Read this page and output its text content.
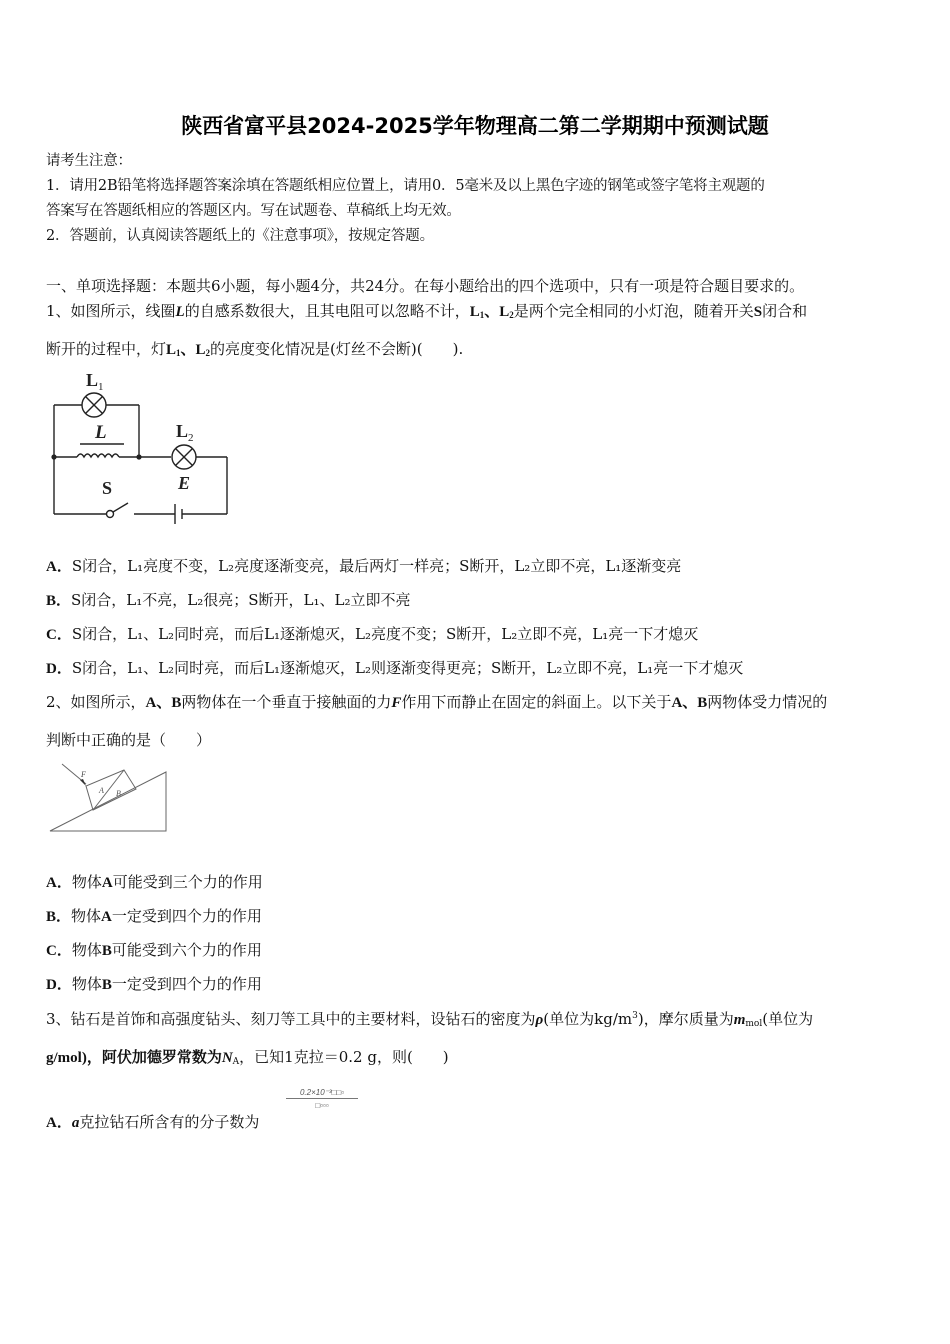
陕西省富平县2024-2025学年物理高二第二学期期中预测试题
请考生注意：
1．请用2B铅笔将选择题答案涂填在答题纸相应位置上，请用0．5毫米及以上黑色字迹的钢笔或签字笔将主观题的
答案写在答题纸相应的答题区内。写在试题卷、草稿纸上均无效。
2．答题前，认真阅读答题纸上的《注意事项》，按规定答题。
一、单项选择题：本题共6小题，每小题4分，共24分。在每小题给出的四个选项中，只有一项是符合题目要求的。
1、如图所示，线圈L的自感系数很大，且其电阻可以忽略不计，$L_1$、$L_2$是两个完全相同的小灯泡，随着开关S闭合和
断开的过程中，灯$L_1$、$L_2$的亮度变化情况是(灯丝不会断)(　　).
L 1
L	L 2
S	E
A．S闭合，L₁亮度不变，L₂亮度逐渐变亮，最后两灯一样亮；S断开，L₂立即不亮，L₁逐渐变亮
B．S闭合，L₁不亮，L₂很亮；S断开，L₁、L₂立即不亮
C．S闭合，L₁、L₂同时亮，而后L₁逐渐熄灭，L₂亮度不变；S断开，L₂立即不亮，L₁亮一下才熄灭
D．S闭合，L₁、L₂同时亮，而后L₁逐渐熄灭，L₂则逐渐变得更亮；S断开，L₂立即不亮，L₁亮一下才熄灭
2、如图所示，A、B两物体在一个垂直于接触面的力F作用下而静止在固定的斜面上。以下关于A、B两物体受力情况的
判断中正确的是（　　）
F
A B
A．物体A可能受到三个力的作用
B．物体A一定受到四个力的作用
C．物体B可能受到六个力的作用
D．物体B一定受到四个力的作用
3、钻石是首饰和高强度钻头、刻刀等工具中的主要材料，设钻石的密度为ρ(单位为$kg/m^3$)，摩尔质量为$m_{mol}$(单位为
g/mol)，阿伏加德罗常数为$N_A$，已知1克拉＝0.2 g，则(　　)
A．a克拉钻石所含有的分子数为
0.2×10⁻³□□▫
□▫▫▫
